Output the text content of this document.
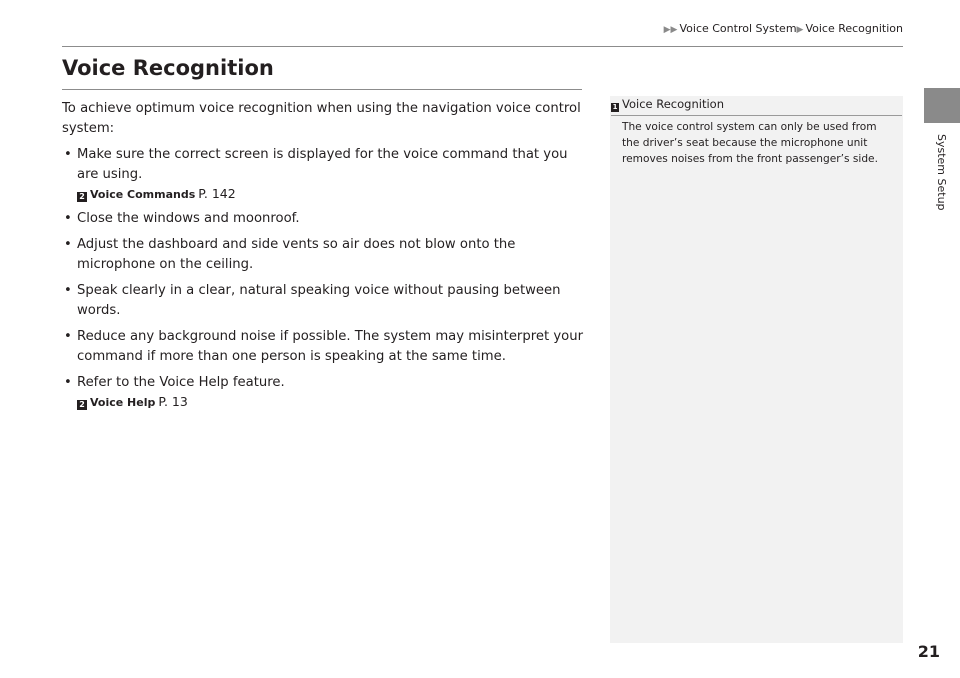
▶▶ Voice Control System▶ Voice Recognition
Voice Recognition

To achieve optimum voice recognition when using the navigation voice control system:

• Make sure the correct screen is displayed for the voice command that you are using.
2 Voice Commands P. 142
• Close the windows and moonroof.
• Adjust the dashboard and side vents so air does not blow onto the microphone on the ceiling.
• Speak clearly in a clear, natural speaking voice without pausing between words.
• Reduce any background noise if possible. The system may misinterpret your command if more than one person is speaking at the same time.
• Refer to the Voice Help feature.
2 Voice Help P. 13
1 Voice Recognition
The voice control system can only be used from the driver’s seat because the microphone unit removes noises from the front passenger’s side.	System Setup
21
